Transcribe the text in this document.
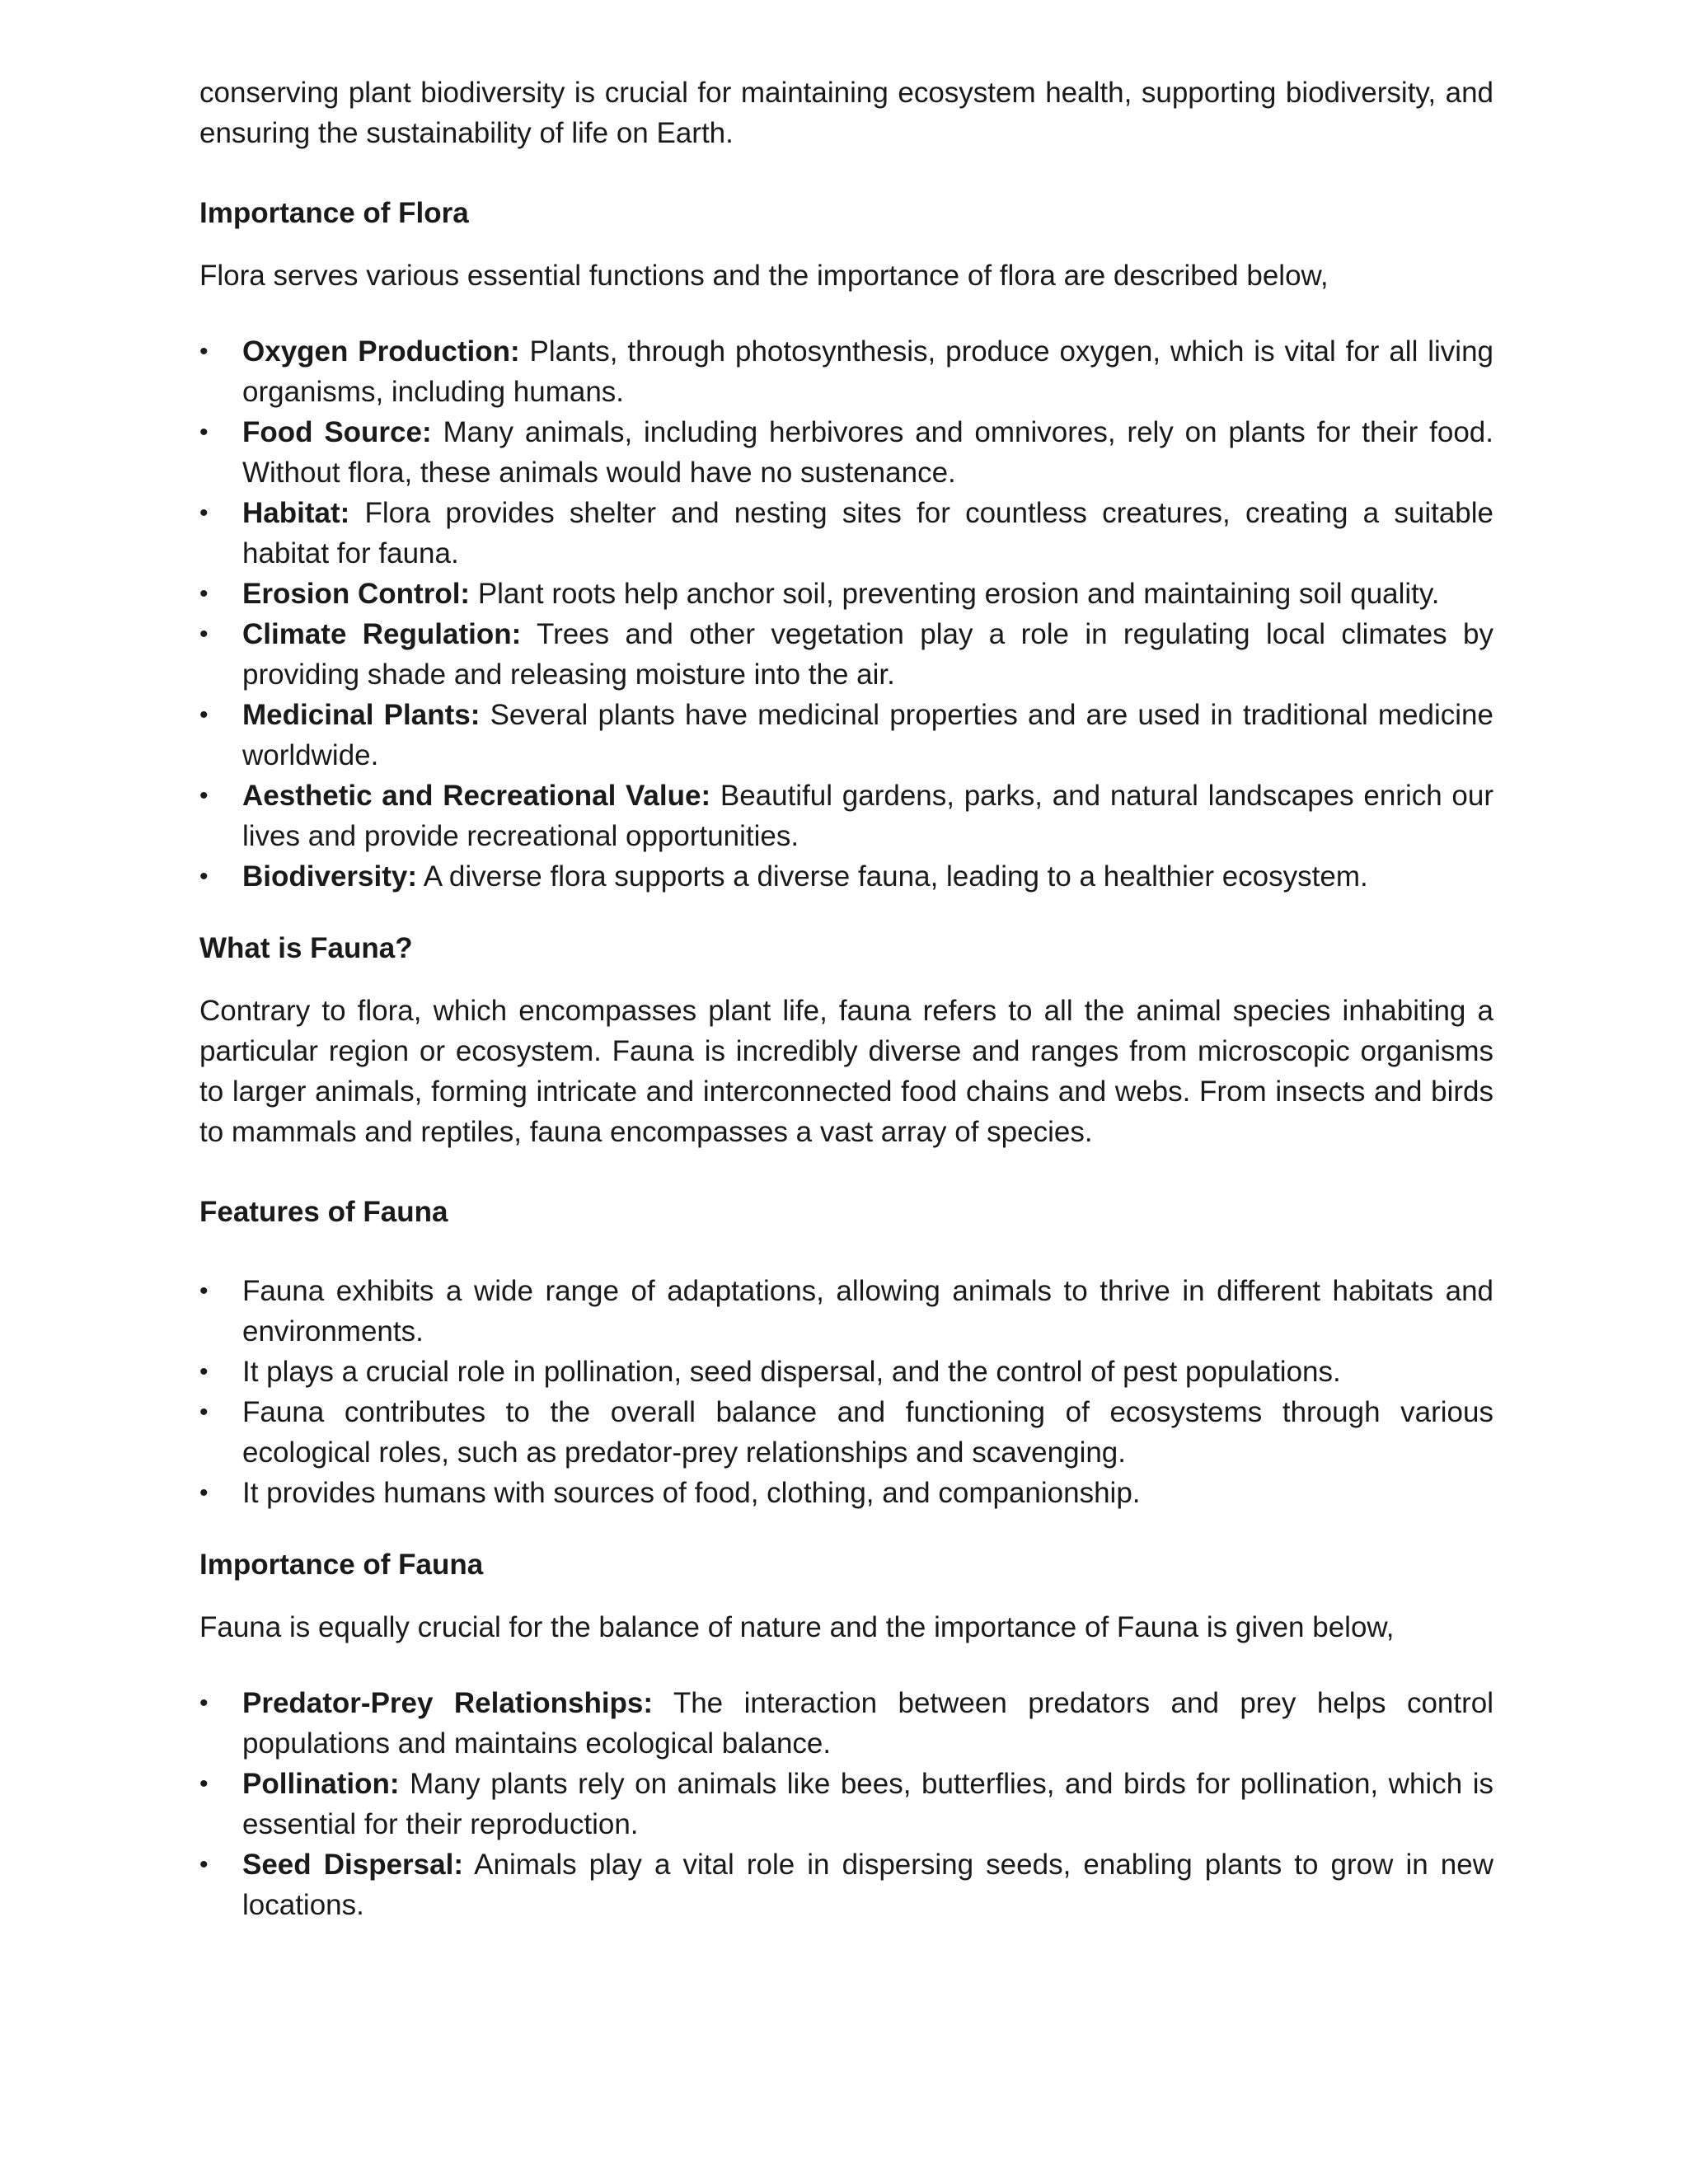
conserving plant biodiversity is crucial for maintaining ecosystem health, supporting biodiversity, and ensuring the sustainability of life on Earth.

Importance of Flora

Flora serves various essential functions and the importance of flora are described below,

•	Oxygen Production: Plants, through photosynthesis, produce oxygen, which is vital for all living organisms, including humans.
•	Food Source: Many animals, including herbivores and omnivores, rely on plants for their food. Without flora, these animals would have no sustenance.
•	Habitat: Flora provides shelter and nesting sites for countless creatures, creating a suitable habitat for fauna.
•	Erosion Control: Plant roots help anchor soil, preventing erosion and maintaining soil quality.
•	Climate Regulation: Trees and other vegetation play a role in regulating local climates by providing shade and releasing moisture into the air.
•	Medicinal Plants: Several plants have medicinal properties and are used in traditional medicine worldwide.
•	Aesthetic and Recreational Value: Beautiful gardens, parks, and natural landscapes enrich our lives and provide recreational opportunities.
•	Biodiversity: A diverse flora supports a diverse fauna, leading to a healthier ecosystem.
What is Fauna?

Contrary to flora, which encompasses plant life, fauna refers to all the animal species inhabiting a particular region or ecosystem. Fauna is incredibly diverse and ranges from microscopic organisms to larger animals, forming intricate and interconnected food chains and webs. From insects and birds to mammals and reptiles, fauna encompasses a vast array of species.

Features of Fauna
•	Fauna exhibits a wide range of adaptations, allowing animals to thrive in different habitats and environments.
•	It plays a crucial role in pollination, seed dispersal, and the control of pest populations.
•	Fauna contributes to the overall balance and functioning of ecosystems through various ecological roles, such as predator-prey relationships and scavenging.
•	It provides humans with sources of food, clothing, and companionship.
Importance of Fauna

Fauna is equally crucial for the balance of nature and the importance of Fauna is given below,

•	Predator-Prey Relationships: The interaction between predators and prey helps control populations and maintains ecological balance.
•	Pollination: Many plants rely on animals like bees, butterflies, and birds for pollination, which is essential for their reproduction.
•	Seed Dispersal: Animals play a vital role in dispersing seeds, enabling plants to grow in new locations.
